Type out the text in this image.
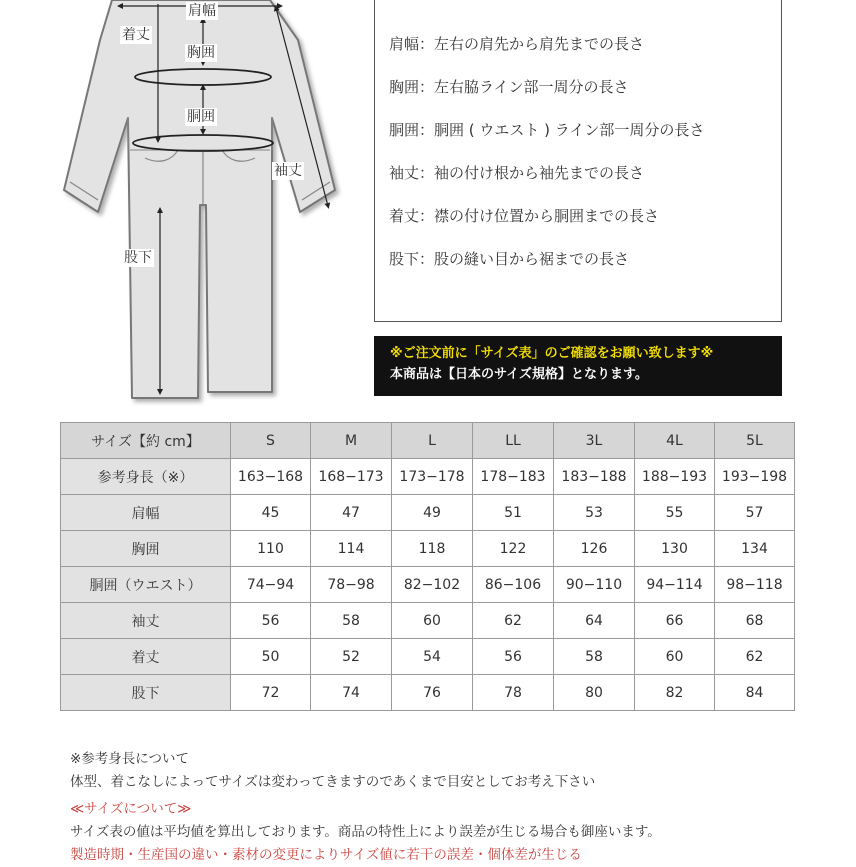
肩幅
着丈
胸囲
胴囲
袖丈
股下
肩幅：左右の肩先から肩先までの長さ
胸囲：左右脇ライン部一周分の長さ
胴囲：胴囲 ( ウエスト ) ライン部一周分の長さ
袖丈：袖の付け根から袖先までの長さ
着丈：襟の付け位置から胴囲までの長さ
股下：股の縫い目から裾までの長さ
※ご注文前に「サイズ表」のご確認をお願い致します※
本商品は【日本のサイズ規格】となります。
サイズ【約 cm】	S	M	L	LL	3L	4L	5L
参考身長（※）	163−168	168−173	173−178	178−183	183−188	188−193	193−198
肩幅	45	47	49	51	53	55	57
胸囲	110	114	118	122	126	130	134
胴囲（ウエスト）	74−94	78−98	82−102	86−106	90−110	94−114	98−118
袖丈	56	58	60	62	64	66	68
着丈	50	52	54	56	58	60	62
股下	72	74	76	78	80	82	84
※参考身長について
体型、着こなしによってサイズは変わってきますのであくまで目安としてお考え下さい
≪サイズについて≫
サイズ表の値は平均値を算出しております。商品の特性上により誤差が生じる場合も御座います。
製造時期・生産国の違い・素材の変更によりサイズ値に若干の誤差・個体差が生じる
